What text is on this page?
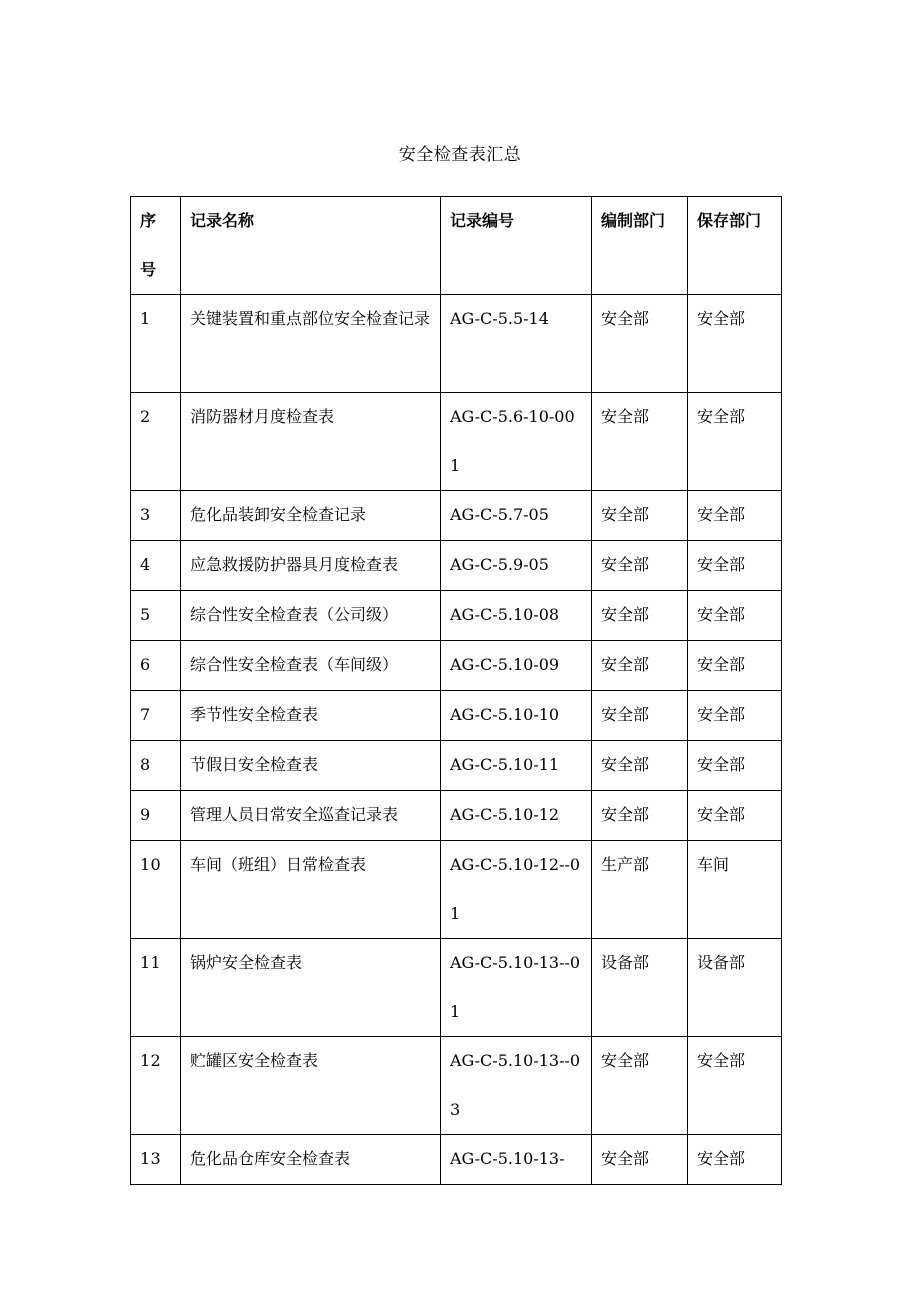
安全检查表汇总
序号	记录名称	记录编号	编制部门	保存部门

1	关键装置和重点部位安全检查记录	AG-C-5.5-14	安全部	安全部

2	消防器材月度检查表	AG-C-5.6-10-001	安全部	安全部

3	危化品装卸安全检查记录	AG-C-5.7-05	安全部	安全部

4	应急救援防护器具月度检查表	AG-C-5.9-05	安全部	安全部

5	综合性安全检查表（公司级）	AG-C-5.10-08	安全部	安全部

6	综合性安全检查表（车间级）	AG-C-5.10-09	安全部	安全部

7	季节性安全检查表	AG-C-5.10-10	安全部	安全部

8	节假日安全检查表	AG-C-5.10-11	安全部	安全部

9	管理人员日常安全巡查记录表	AG-C-5.10-12	安全部	安全部

10	车间（班组）日常检查表	AG-C-5.10-12--01	生产部	车间

11	锅炉安全检查表	AG-C-5.10-13--01	设备部	设备部

12	贮罐区安全检查表	AG-C-5.10-13--03	安全部	安全部

13	危化品仓库安全检查表	AG-C-5.10-13-	安全部	安全部
